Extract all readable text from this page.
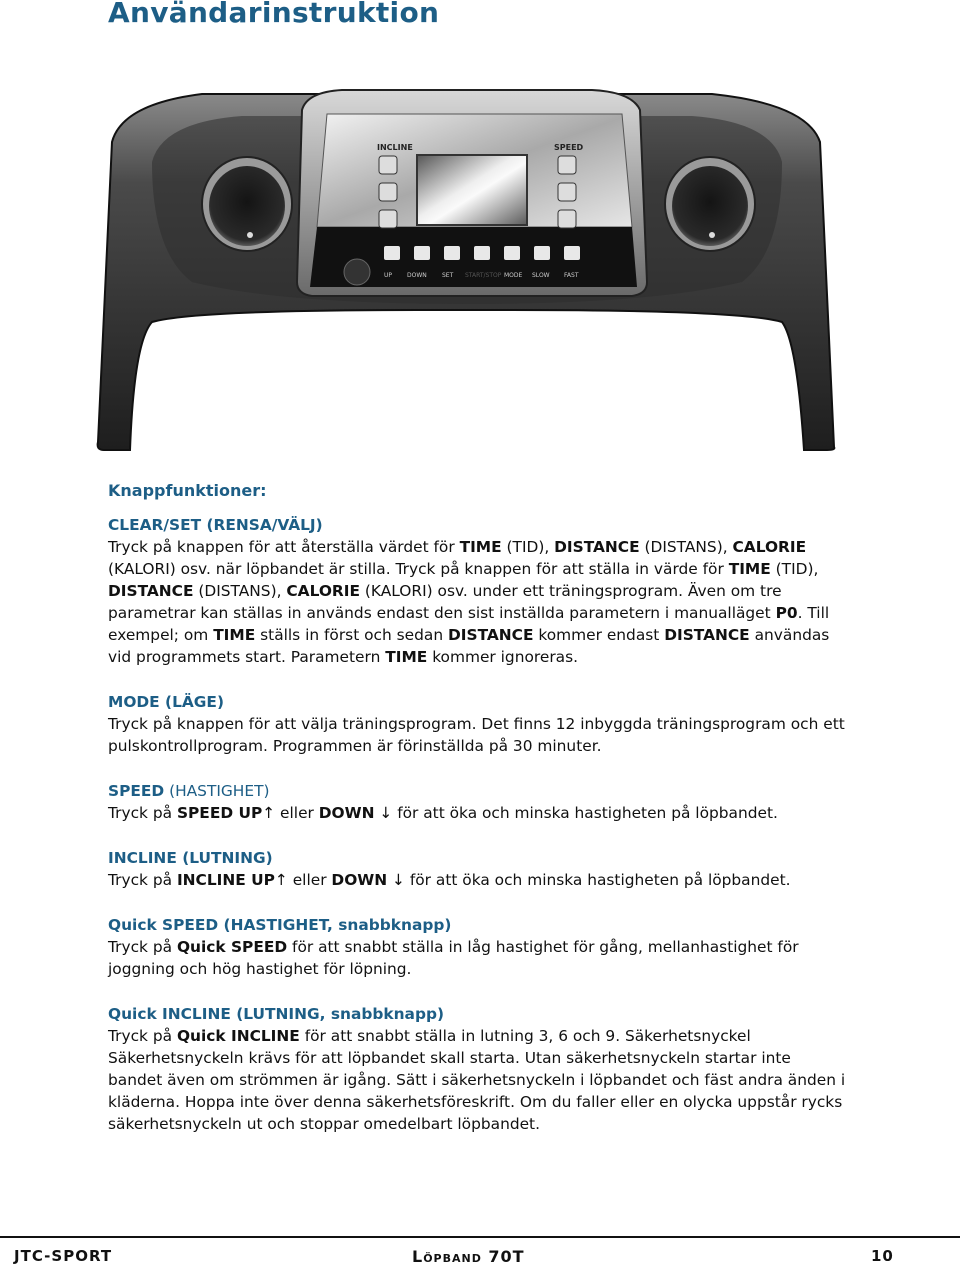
Användarinstruktion
INCLINE	SPEED
UP DOWN	SET START/STOP MODE SLOW FAST
Knappfunktioner:

CLEAR/SET (RENSA/VÄLJ)

Tryck på knappen för att återställa värdet för TIME (TID), DISTANCE (DISTANS), CALORIE (KALORI) osv. när löpbandet är stilla. Tryck på knappen för att ställa in värde för TIME (TID), DISTANCE (DISTANS), CALORIE (KALORI) osv. under ett träningsprogram. Även om tre parametrar kan ställas in används endast den sist inställda parametern i manualläget P0. Till exempel; om TIME ställs in först och sedan DISTANCE kommer endast DISTANCE användas vid programmets start. Parametern TIME kommer ignoreras.

MODE (LÄGE)

Tryck på knappen för att välja träningsprogram. Det finns 12 inbyggda träningsprogram och ett pulskontrollprogram. Programmen är förinställda på 30 minuter.

SPEED (HASTIGHET)

Tryck på SPEED UP↑ eller DOWN ↓ för att öka och minska hastigheten på löpbandet.

INCLINE (LUTNING)

Tryck på INCLINE UP↑ eller DOWN ↓ för att öka och minska hastigheten på löpbandet.

Quick SPEED (HASTIGHET, snabbknapp)

Tryck på Quick SPEED för att snabbt ställa in låg hastighet för gång, mellanhastighet för joggning och hög hastighet för löpning.

Quick INCLINE (LUTNING, snabbknapp)

Tryck på Quick INCLINE för att snabbt ställa in lutning 3, 6 och 9. Säkerhetsnyckel Säkerhetsnyckeln krävs för att löpbandet skall starta. Utan säkerhetsnyckeln startar inte bandet även om strömmen är igång. Sätt i säkerhetsnyckeln i löpbandet och fäst andra änden i kläderna. Hoppa inte över denna säkerhetsföreskrift. Om du faller eller en olycka uppstår rycks säkerhetsnyckeln ut och stoppar omedelbart löpbandet.

JTC-SPORT	Löpband 70T	10
